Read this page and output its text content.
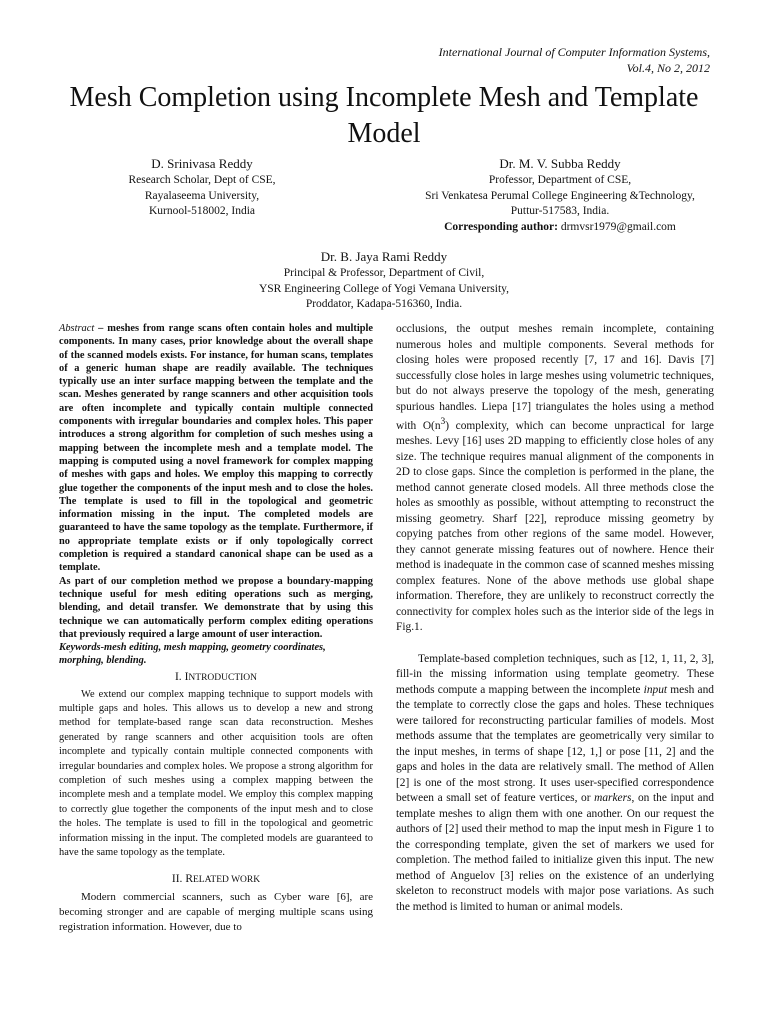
International Journal of Computer Information Systems,
Vol.4, No 2, 2012
Mesh Completion using Incomplete Mesh and Template Model
D. Srinivasa Reddy
Research Scholar, Dept of CSE,
Rayalaseema University,
Kurnool-518002, India
Dr. M. V. Subba Reddy
Professor, Department of CSE,
Sri Venkatesa Perumal College Engineering &Technology,
Puttur-517583, India.
Corresponding author: drmvsr1979@gmail.com
Dr. B. Jaya Rami Reddy
Principal & Professor, Department of Civil,
YSR Engineering College of Yogi Vemana University,
Proddator, Kadapa-516360, India.

Abstract – meshes from range scans often contain holes and multiple components. In many cases, prior knowledge about the overall shape of the scanned models exists. For instance, for human scans, templates of a generic human shape are readily available. The techniques typically use an inter surface mapping between the template and the scan. Meshes generated by range scanners and other acquisition tools are often incomplete and typically contain multiple connected components with irregular boundaries and complex holes. This paper introduces a strong algorithm for completion of such meshes using a mapping between the incomplete mesh and a template model. The mapping is computed using a novel framework for complex mapping of meshes with gaps and holes. We employ this mapping to correctly glue together the components of the input mesh and to close the holes. The template is used to fill in the topological and geometric information missing in the input. The completed models are guaranteed to have the same topology as the template. Furthermore, if no appropriate template exists or if only topologically correct completion is required a standard canonical shape can be used as a template.

As part of our completion method we propose a boundary-mapping technique useful for mesh editing operations such as merging, blending, and detail transfer. We demonstrate that by using this technique we can automatically perform complex editing operations that previously required a large amount of user interaction.

Keywords-mesh editing, mesh mapping, geometry coordinates, morphing, blending.

I. INTRODUCTION

We extend our complex mapping technique to support models with multiple gaps and holes. This allows us to develop a new and strong method for template-based range scan data reconstruction. Meshes generated by range scanners and other acquisition tools are often incomplete and typically contain multiple connected components with irregular boundaries and complex holes. We propose a strong algorithm for completion of such meshes using a complex mapping between the incomplete mesh and a template model. We employ this complex mapping to correctly glue together the components of the input mesh and to close the holes. The template is used to fill in the topological and geometric information missing in the input. The completed models are guaranteed to have the same topology as the template.

II. RELATED WORK

Modern commercial scanners, such as Cyber ware [6], are becoming stronger and are capable of merging multiple scans using registration information. However, due to

occlusions, the output meshes remain incomplete, containing numerous holes and multiple components. Several methods for closing holes were proposed recently [7, 17 and 16]. Davis [7] successfully close holes in large meshes using volumetric techniques, but do not always preserve the topology of the mesh, generating spurious handles. Liepa [17] triangulates the holes using a method with $O(n^3)$ complexity, which can become unpractical for large meshes. Levy [16] uses 2D mapping to efficiently close holes of any size. The technique requires manual alignment of the components in 2D to close gaps. Since the completion is performed in the plane, the method cannot generate closed models. All three methods close the holes as smoothly as possible, without attempting to reconstruct the missing geometry. Sharf [22], reproduce missing geometry by copying patches from other regions of the same model. However, they cannot generate missing features out of nowhere. Hence their method is inadequate in the common case of scanned meshes missing complex features. None of the above methods use global shape information. Therefore, they are unlikely to reconstruct correctly the connectivity for complex holes such as the interior side of the legs in Fig.1.

Template-based completion techniques, such as [12, 1, 11, 2, 3], fill-in the missing information using template geometry. These methods compute a mapping between the incomplete input mesh and the template to correctly close the gaps and holes. These techniques were tailored for reconstructing particular families of models. Most methods assume that the templates are geometrically very similar to the input meshes, in terms of shape [12, 1,] or pose [11, 2] and the gaps and holes in the data are relatively small. The method of Allen [2] is one of the most strong. It uses user-specified correspondence between a small set of feature vertices, or markers, on the input and template meshes to align them with one another. On our request the authors of [2] used their method to map the input mesh in Figure 1 to the corresponding template, given the set of markers we used for completion. The method failed to initialize given this input. The new method of Anguelov [3] relies on the existence of an underlying skeleton to reconstruct models with major pose variations. As such the method is limited to human or animal models.
